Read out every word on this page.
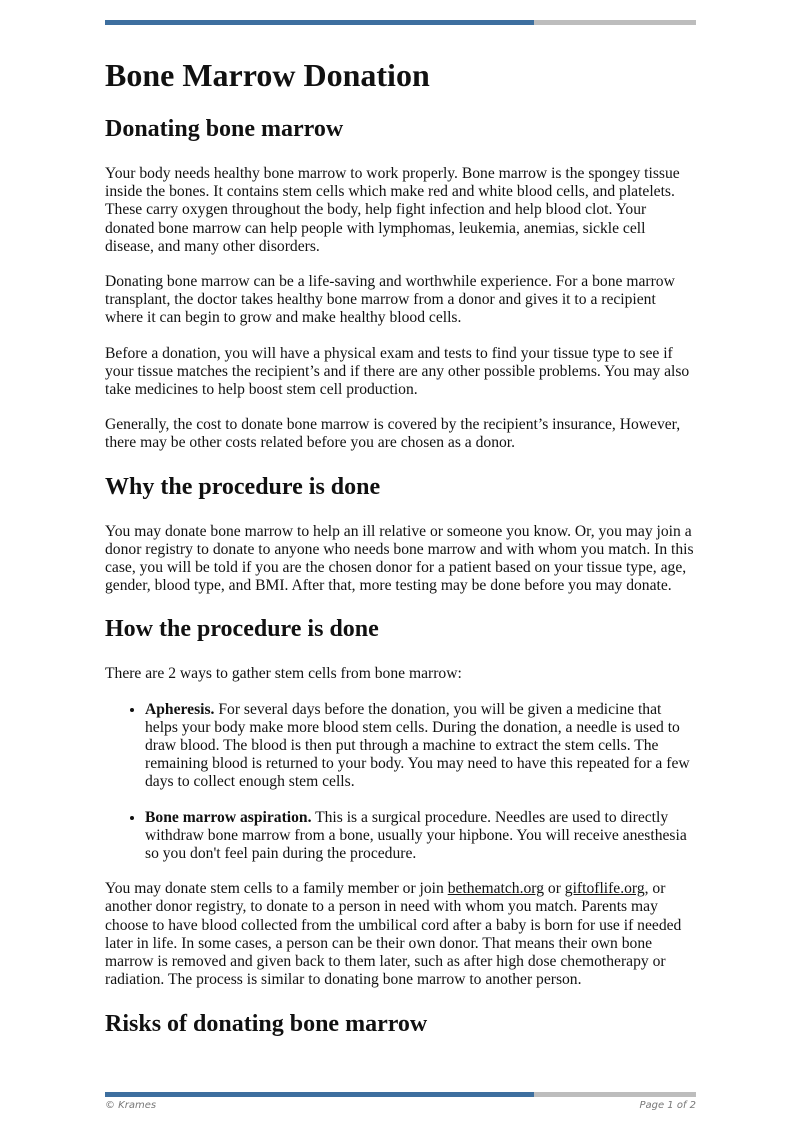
Bone Marrow Donation
Donating bone marrow

Your body needs healthy bone marrow to work properly. Bone marrow is the spongey tissue inside the bones. It contains stem cells which make red and white blood cells, and platelets. These carry oxygen throughout the body, help fight infection and help blood clot. Your donated bone marrow can help people with lymphomas, leukemia, anemias, sickle cell disease, and many other disorders.

Donating bone marrow can be a life-saving and worthwhile experience. For a bone marrow transplant, the doctor takes healthy bone marrow from a donor and gives it to a recipient where it can begin to grow and make healthy blood cells.

Before a donation, you will have a physical exam and tests to find your tissue type to see if your tissue matches the recipient’s and if there are any other possible problems. You may also take medicines to help boost stem cell production.

Generally, the cost to donate bone marrow is covered by the recipient’s insurance, However, there may be other costs related before you are chosen as a donor.

Why the procedure is done

You may donate bone marrow to help an ill relative or someone you know. Or, you may join a donor registry to donate to anyone who needs bone marrow and with whom you match. In this case, you will be told if you are the chosen donor for a patient based on your tissue type, age, gender, blood type, and BMI. After that, more testing may be done before you may donate.

How the procedure is done

There are 2 ways to gather stem cells from bone marrow:

• Apheresis. For several days before the donation, you will be given a medicine that helps your body make more blood stem cells. During the donation, a needle is used to draw blood. The blood is then put through a machine to extract the stem cells. The remaining blood is returned to your body. You may need to have this repeated for a few days to collect enough stem cells.
• Bone marrow aspiration. This is a surgical procedure. Needles are used to directly withdraw bone marrow from a bone, usually your hipbone. You will receive anesthesia so you don't feel pain during the procedure.

You may donate stem cells to a family member or join bethematch.org or giftoflife.org, or another donor registry, to donate to a person in need with whom you match. Parents may choose to have blood collected from the umbilical cord after a baby is born for use if needed later in life. In some cases, a person can be their own donor. That means their own bone marrow is removed and given back to them later, such as after high dose chemotherapy or radiation. The process is similar to donating bone marrow to another person.

Risks of donating bone marrow
© Krames	Page 1 of 2
